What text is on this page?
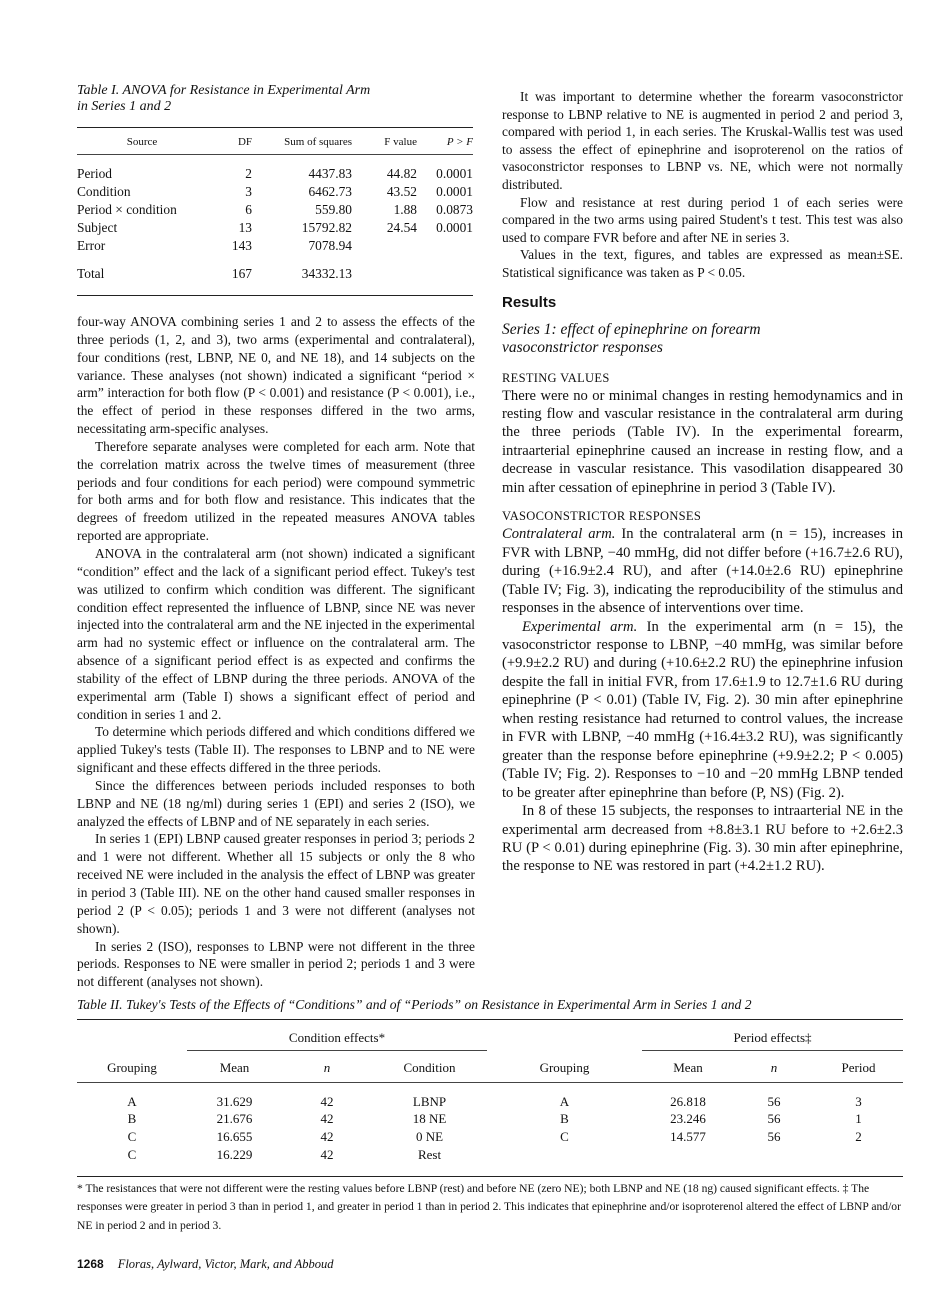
Table I. ANOVA for Resistance in Experimental Arm
in Series 1 and 2
Source	DF	Sum of squares	F value	P > F
Period	2	4437.83	44.82	0.0001
Condition	3	6462.73	43.52	0.0001
Period × condition	6	559.80	1.88	0.0873
Subject	13	15792.82	24.54	0.0001
Error	143	7078.94		
Total	167	34332.13		

four-way ANOVA combining series 1 and 2 to assess the effects of the three periods (1, 2, and 3), two arms (experimental and contralateral), four conditions (rest, LBNP, NE 0, and NE 18), and 14 subjects on the variance. These analyses (not shown) indicated a significant “period × arm” interaction for both flow (P < 0.001) and resistance (P < 0.001), i.e., the effect of period in these responses differed in the two arms, necessitating arm-specific analyses.

Therefore separate analyses were completed for each arm. Note that the correlation matrix across the twelve times of measurement (three periods and four conditions for each period) were compound symmetric for both arms and for both flow and resistance. This indicates that the degrees of freedom utilized in the repeated measures ANOVA tables reported are appropriate.

ANOVA in the contralateral arm (not shown) indicated a significant “condition” effect and the lack of a significant period effect. Tukey's test was utilized to confirm which condition was different. The significant condition effect represented the influence of LBNP, since NE was never injected into the contralateral arm and the NE injected in the experimental arm had no systemic effect or influence on the contralateral arm. The absence of a significant period effect is as expected and confirms the stability of the effect of LBNP during the three periods. ANOVA of the experimental arm (Table I) shows a significant effect of period and condition in series 1 and 2.

To determine which periods differed and which conditions differed we applied Tukey's tests (Table II). The responses to LBNP and to NE were significant and these effects differed in the three periods.

Since the differences between periods included responses to both LBNP and NE (18 ng/ml) during series 1 (EPI) and series 2 (ISO), we analyzed the effects of LBNP and of NE separately in each series.

In series 1 (EPI) LBNP caused greater responses in period 3; periods 2 and 1 were not different. Whether all 15 subjects or only the 8 who received NE were included in the analysis the effect of LBNP was greater in period 3 (Table III). NE on the other hand caused smaller responses in period 2 (P < 0.05); periods 1 and 3 were not different (analyses not shown).

In series 2 (ISO), responses to LBNP were not different in the three periods. Responses to NE were smaller in period 2; periods 1 and 3 were not different (analyses not shown).

It was important to determine whether the forearm vasoconstrictor response to LBNP relative to NE is augmented in period 2 and period 3, compared with period 1, in each series. The Kruskal-Wallis test was used to assess the effect of epinephrine and isoproterenol on the ratios of vasoconstrictor responses to LBNP vs. NE, which were not normally distributed.

Flow and resistance at rest during period 1 of each series were compared in the two arms using paired Student's t test. This test was also used to compare FVR before and after NE in series 3.

Values in the text, figures, and tables are expressed as mean±SE. Statistical significance was taken as P < 0.05.

Results
Series 1: effect of epinephrine on forearm vasoconstrictor responses
RESTING VALUES

There were no or minimal changes in resting hemodynamics and in resting flow and vascular resistance in the contralateral arm during the three periods (Table IV). In the experimental forearm, intraarterial epinephrine caused an increase in resting flow, and a decrease in vascular resistance. This vasodilation disappeared 30 min after cessation of epinephrine in period 3 (Table IV).

VASOCONSTRICTOR RESPONSES

Contralateral arm. In the contralateral arm (n = 15), increases in FVR with LBNP, −40 mmHg, did not differ before (+16.7±2.6 RU), during (+16.9±2.4 RU), and after (+14.0±2.6 RU) epinephrine (Table IV; Fig. 3), indicating the reproducibility of the stimulus and responses in the absence of interventions over time.

Experimental arm. In the experimental arm (n = 15), the vasoconstrictor response to LBNP, −40 mmHg, was similar before (+9.9±2.2 RU) and during (+10.6±2.2 RU) the epinephrine infusion despite the fall in initial FVR, from 17.6±1.9 to 12.7±1.6 RU during epinephrine (P < 0.01) (Table IV, Fig. 2). 30 min after epinephrine when resting resistance had returned to control values, the increase in FVR with LBNP, −40 mmHg (+16.4±3.2 RU), was significantly greater than the response before epinephrine (+9.9±2.2; P < 0.005) (Table IV; Fig. 2). Responses to −10 and −20 mmHg LBNP tended to be greater after epinephrine than before (P, NS) (Fig. 2).

In 8 of these 15 subjects, the responses to intraarterial NE in the experimental arm decreased from +8.8±3.1 RU before to +2.6±2.3 RU (P < 0.01) during epinephrine (Fig. 3). 30 min after epinephrine, the response to NE was restored in part (+4.2±1.2 RU).

Table II. Tukey's Tests of the Effects of “Conditions” and of “Periods” on Resistance in Experimental Arm in Series 1 and 2
	Condition effects*				Period effects‡		
Grouping	Mean	n	Condition	Grouping	Mean	n	Period
A	31.629	42	LBNP	A	26.818	56	3
B	21.676	42	18 NE	B	23.246	56	1
C	16.655	42	0 NE	C	14.577	56	2
C	16.229	42	Rest				
* The resistances that were not different were the resting values before LBNP (rest) and before NE (zero NE); both LBNP and NE (18 ng) caused significant effects. ‡ The responses were greater in period 3 than in period 1, and greater in period 1 than in period 2. This indicates that epinephrine and/or isoproterenol altered the effect of LBNP and/or NE in period 2 and in period 3.
1268 Floras, Aylward, Victor, Mark, and Abboud
